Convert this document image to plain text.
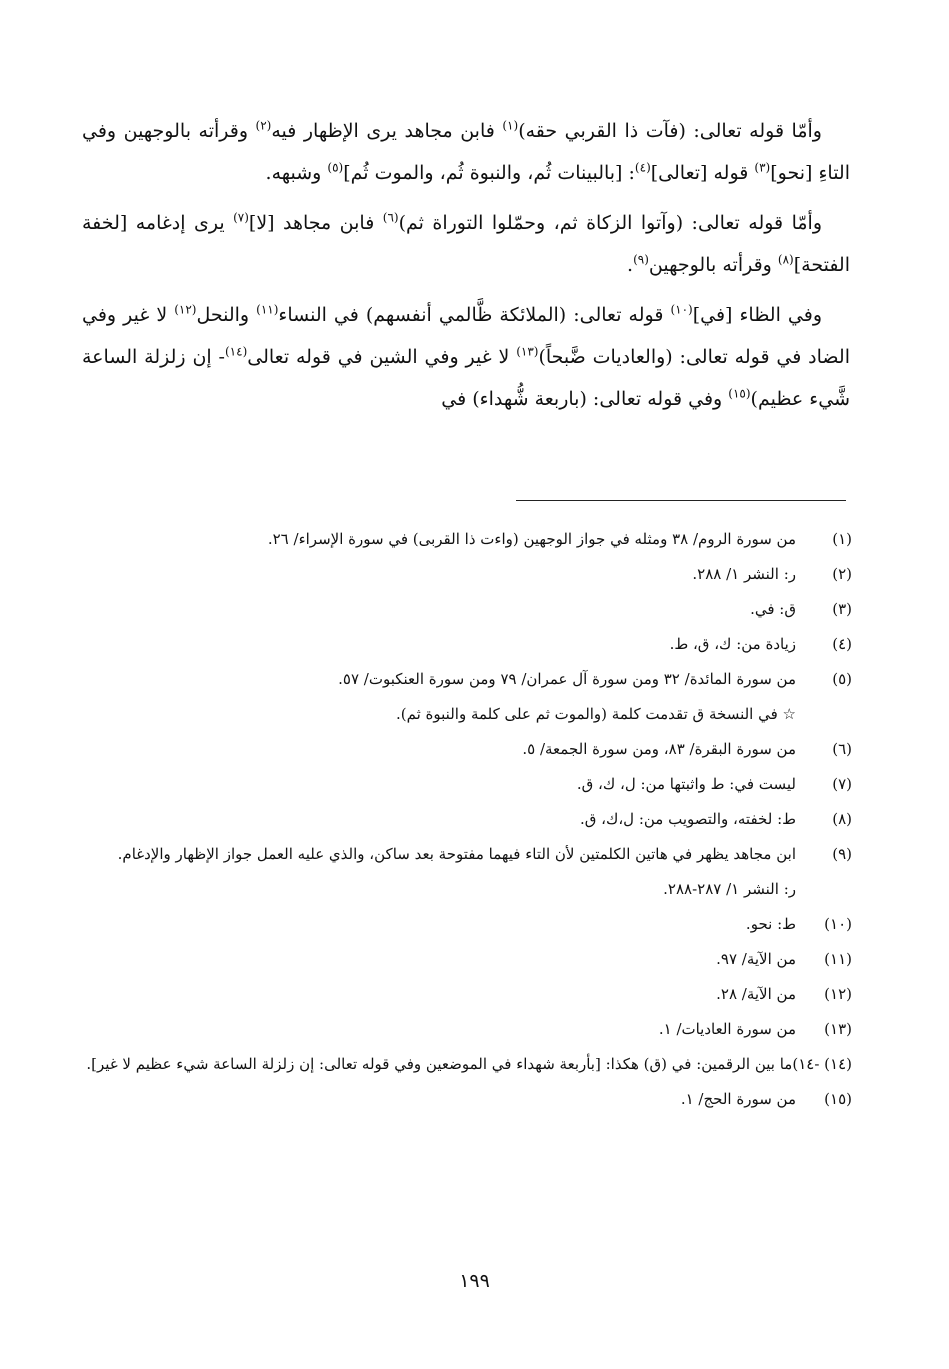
وأمّا قوله تعالى: (فآت ذا القربي حقه)$^{(١)}$ فابن مجاهد يرى الإظهار فيه$^{(٢)}$ وقرأته بالوجهين وفي التاءِ [نحو]$^{(٣)}$ قوله [تعالى]$^{(٤)}$: [بالبينات ثُم، والنبوة ثُم، والموت ثُم]$^{(٥)}$ وشبهه.

وأمّا قوله تعالى: (وآتوا الزكاة ثم، وحمّلوا التوراة ثم)$^{(٦)}$ فابن مجاهد [لا]$^{(٧)}$ يرى إدغامه [لخفة الفتحة]$^{(٨)}$ وقرأته بالوجهين$^{(٩)}$.

وفي الظاء [في]$^{(١٠)}$ قوله تعالى: (الملائكة ظَّالمي أنفسهم) في النساء$^{(١١)}$ والنحل$^{(١٢)}$ لا غير وفي الضاد في قوله تعالى: (والعاديات ضَّبحاً)$^{(١٣)}$ لا غير وفي الشين في قوله تعالى$^{(١٤)}$- إن زلزلة الساعة شَّيء عظيم)$^{(١٥)}$ وفي قوله تعالى: (باربعة شُّهداء) في

(١)
من سورة الروم/ ٣٨ ومثله في جواز الوجهين (واءت ذا القربى) في سورة الإسراء/ ٢٦.
(٢)
ر: النشر ١/ ٢٨٨.
(٣)
ق: في.
(٤)
زيادة من: ك، ق، ط.
(٥)
من سورة المائدة/ ٣٢ ومن سورة آل عمران/ ٧٩ ومن سورة العنكبوت/ ٥٧.
☆ في النسخة ق تقدمت كلمة (والموت ثم على كلمة والنبوة ثم).
(٦)
من سورة البقرة/ ٨٣، ومن سورة الجمعة/ ٥.
(٧)
ليست في: ط واثبتها من: ل، ك، ق.
(٨)
ط: لخفته، والتصويب من: ل،ك، ق.
(٩)
ابن مجاهد يظهر في هاتين الكلمتين لأن التاء فيهما مفتوحة بعد ساكن، والذي عليه العمل جواز الإظهار والإدغام.
ر: النشر ١/ ٢٨٧-٢٨٨.
(١٠)
ط: نحو.
(١١)
من الآية/ ٩٧.
(١٢)
من الآية/ ٢٨.
(١٣)
من سورة العاديات/ ١.
(١٤) -١٤)
ما بين الرقمين: في (ق) هكذا: [بأربعة شهداء في الموضعين وفي قوله تعالى: إن زلزلة الساعة شيء عظيم لا غير].
(١٥)
من سورة الحج/ ١.
١٩٩
